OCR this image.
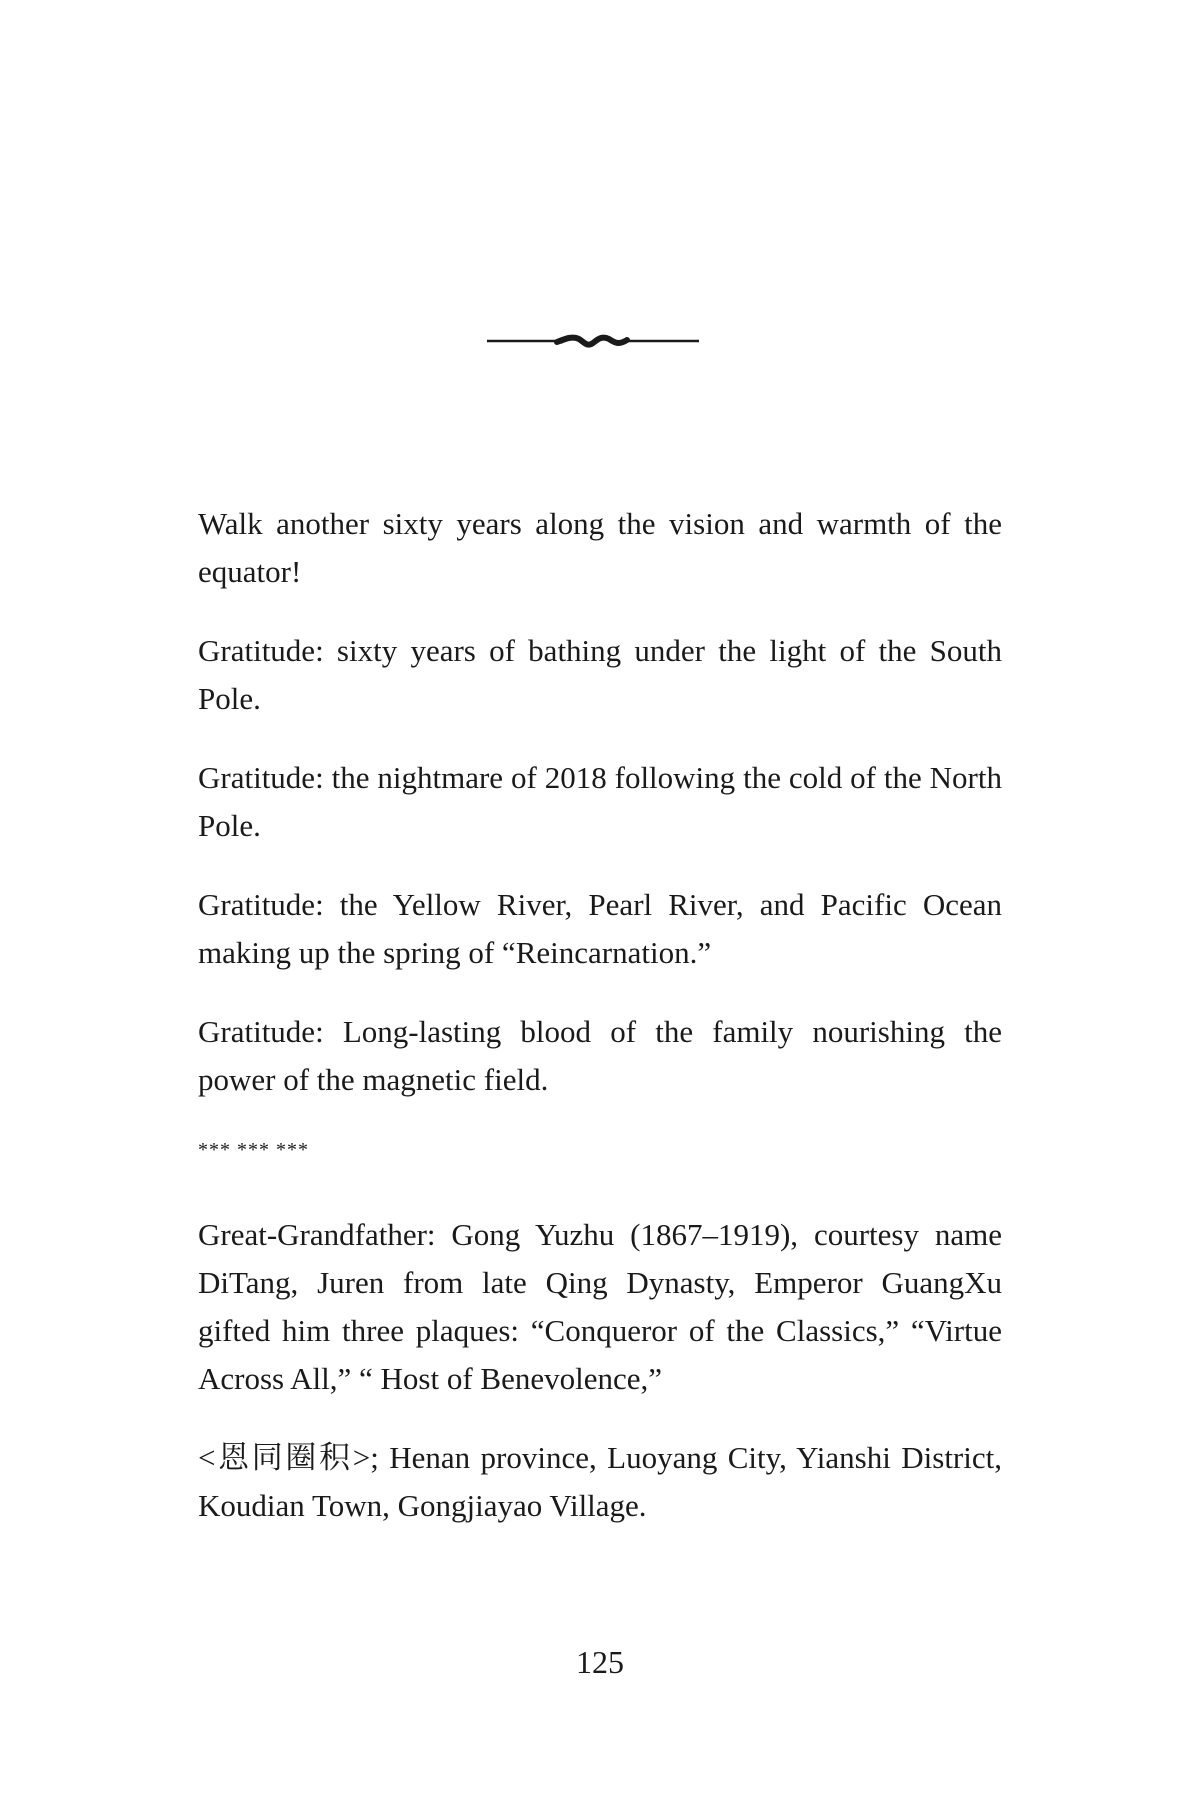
Walk another sixty years along the vision and warmth of the equator!

Gratitude: sixty years of bathing under the light of the South Pole.

Gratitude: the nightmare of 2018 following the cold of the North Pole.

Gratitude: the Yellow River, Pearl River, and Pacific Ocean making up the spring of “Reincarnation.”

Gratitude: Long-lasting blood of the family nourishing the power of the magnetic field.

*** *** ***

Great-Grandfather: Gong Yuzhu (1867–1919), courtesy name DiTang, Juren from late Qing Dynasty, Emperor GuangXu gifted him three plaques: “Conqueror of the Classics,” “Virtue Across All,” “ Host of Benevolence,”

<恩同圈积>; Henan province, Luoyang City, Yianshi District, Koudian Town, Gongjiayao Village.

125
